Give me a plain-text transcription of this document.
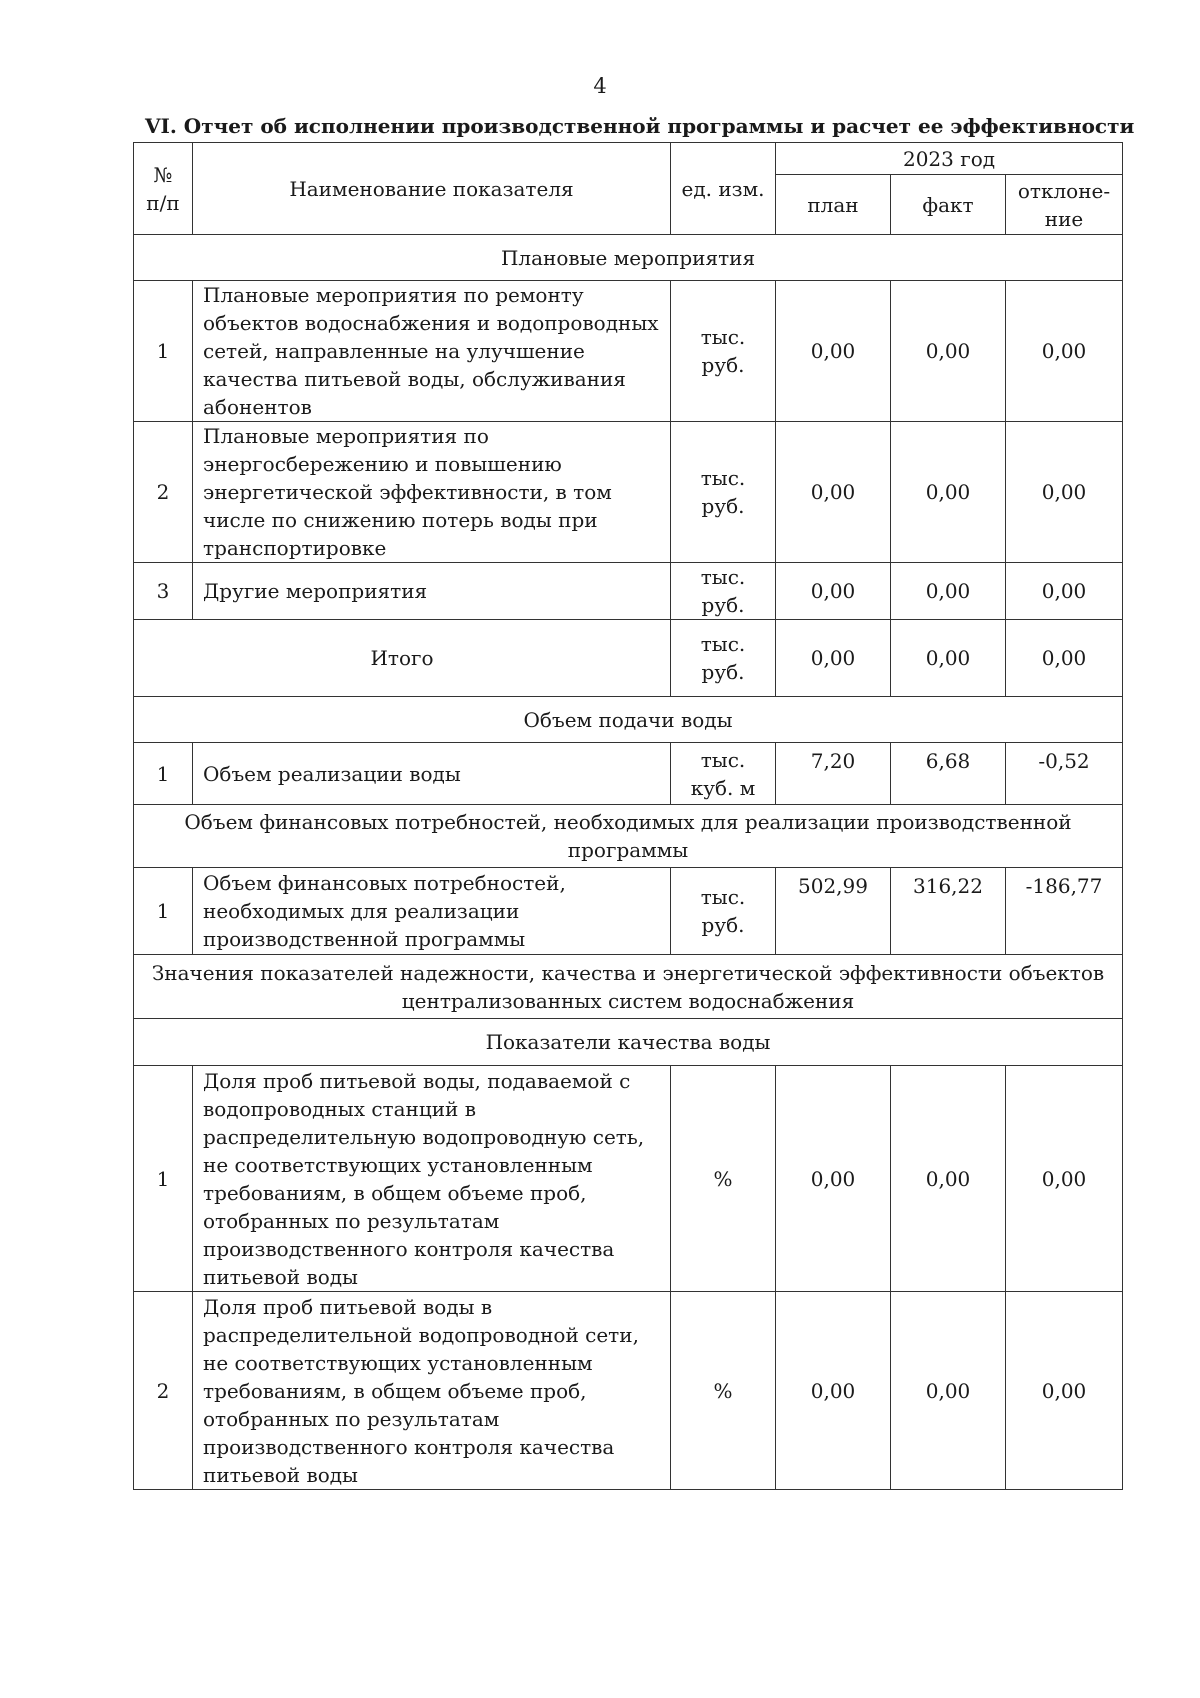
4
VI. Отчет об исполнении производственной программы и расчет ее эффективности
№ п/п	Наименование показателя	ед. изм.	2023 год		
			план	факт	отклоне-ние
Плановые мероприятия					
1	Плановые мероприятия по ремонту объектов водоснабжения и водопроводных сетей, направленные на улучшение качества питьевой воды, обслуживания абонентов	тыс. руб.	0,00	0,00	0,00
2	Плановые мероприятия по энергосбережению и повышению энергетической эффективности, в том числе по снижению потерь воды при транспортировке	тыс. руб.	0,00	0,00	0,00
3	Другие мероприятия	тыс. руб.	0,00	0,00	0,00
Итого		тыс. руб.	0,00	0,00	0,00
Объем подачи воды					
1	Объем реализации воды	тыс. куб. м	7,20	6,68	-0,52
Объем финансовых потребностей, необходимых для реализации производственной программы					
1	Объем финансовых потребностей, необходимых для реализации производственной программы	тыс. руб.	502,99	316,22	-186,77
Значения показателей надежности, качества и энергетической эффективности объектов централизованных систем водоснабжения					
Показатели качества воды					
1	Доля проб питьевой воды, подаваемой с водопроводных станций в распределительную водопроводную сеть, не соответствующих установленным требованиям, в общем объеме проб, отобранных по результатам производственного контроля качества питьевой воды	%	0,00	0,00	0,00
2	Доля проб питьевой воды в распределительной водопроводной сети, не соответствующих установленным требованиям, в общем объеме проб, отобранных по результатам производственного контроля качества питьевой воды	%	0,00	0,00	0,00
